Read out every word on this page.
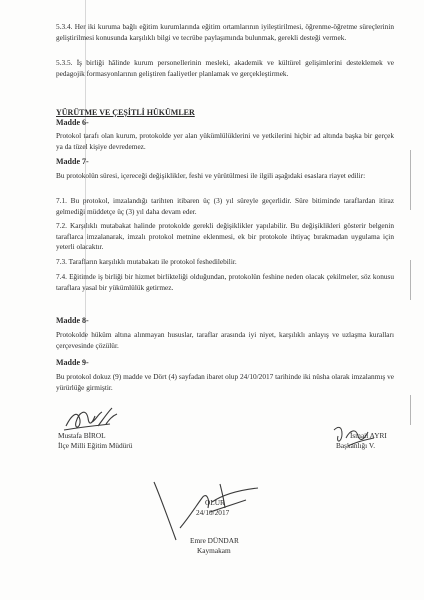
5.3.4. Her iki kuruma bağlı eğitim kurumlarında eğitim ortamlarının iyileştirilmesi, öğrenme-öğretme süreçlerinin geliştirilmesi konusunda karşılıklı bilgi ve tecrübe paylaşımında bulunmak, gerekli desteği vermek.

5.3.5. İş birliği hâlinde kurum personellerinin mesleki, akademik ve kültürel gelişimlerini desteklemek ve pedagojik formasyonlarının geliştiren faaliyetler planlamak ve gerçekleştirmek.

YÜRÜTME VE ÇEŞİTLİ HÜKÜMLER

Madde 6-

Protokol tarafı olan kurum, protokolde yer alan yükümlülüklerini ve yetkilerini hiçbir ad altında başka bir gerçek ya da tüzel kişiye devredemez.

Madde 7-

Bu protokolün süresi, içereceği değişiklikler, feshi ve yürütülmesi ile ilgili aşağıdaki esaslara riayet edilir:

7.1. Bu protokol, imzalandığı tarihten itibaren üç (3) yıl süreyle geçerlidir. Süre bitiminde taraflardan itiraz gelmediği müddetçe üç (3) yıl daha devam eder.

7.2. Karşılıklı mutabakat halinde protokolde gerekli değişiklikler yapılabilir. Bu değişiklikleri gösterir belgenin taraflarca imzalanarak, imzalı protokol metnine eklenmesi, ek bir protokole ihtiyaç bırakmadan uygulama için yeterli olacaktır.

7.3. Tarafların karşılıklı mutabakatı ile protokol feshedilebilir.

7.4. Eğitimde iş birliği bir hizmet birlikteliği olduğundan, protokolün feshine neden olacak çekilmeler, söz konusu taraflara yasal bir yükümlülük getirmez.

Madde 8-

Protokolde hüküm altına alınmayan hususlar, taraflar arasında iyi niyet, karşılıklı anlayış ve uzlaşma kuralları çerçevesinde çözülür.

Madde 9-

Bu protokol dokuz (9) madde ve Dört (4) sayfadan ibaret olup 24/10/2017 tarihinde iki nüsha olarak imzalanmış ve yürürlüğe girmiştir.

Mustafa BİROL

İlçe Milli Eğitim Müdürü

İsmail AYRI

Başkanlığı V.

OLUR

24/10/2017

Emre DÜNDAR

Kaymakam
